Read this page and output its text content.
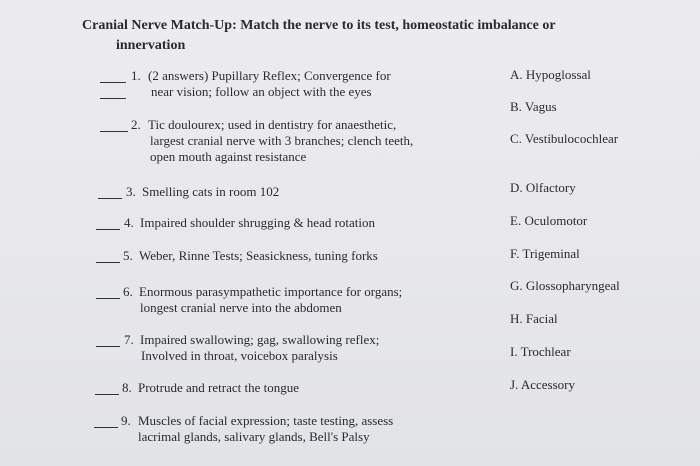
Cranial Nerve Match-Up: Match the nerve to its test, homeostatic imbalance or
innervation
1. (2 answers) Pupillary Reflex; Convergence for
near vision; follow an object with the eyes
2. Tic doulourex; used in dentistry for anaesthetic,
largest cranial nerve with 3 branches; clench teeth,
open mouth against resistance
3. Smelling cats in room 102
4. Impaired shoulder shrugging & head rotation
5. Weber, Rinne Tests; Seasickness, tuning forks
6. Enormous parasympathetic importance for organs;
longest cranial nerve into the abdomen
7. Impaired swallowing; gag, swallowing reflex;
Involved in throat, voicebox paralysis
8. Protrude and retract the tongue
9. Muscles of facial expression; taste testing, assess
lacrimal glands, salivary glands, Bell's Palsy
A. Hypoglossal
B. Vagus
C. Vestibulocochlear
D. Olfactory
E. Oculomotor
F. Trigeminal
G. Glossopharyngeal
H. Facial
I. Trochlear
J. Accessory
